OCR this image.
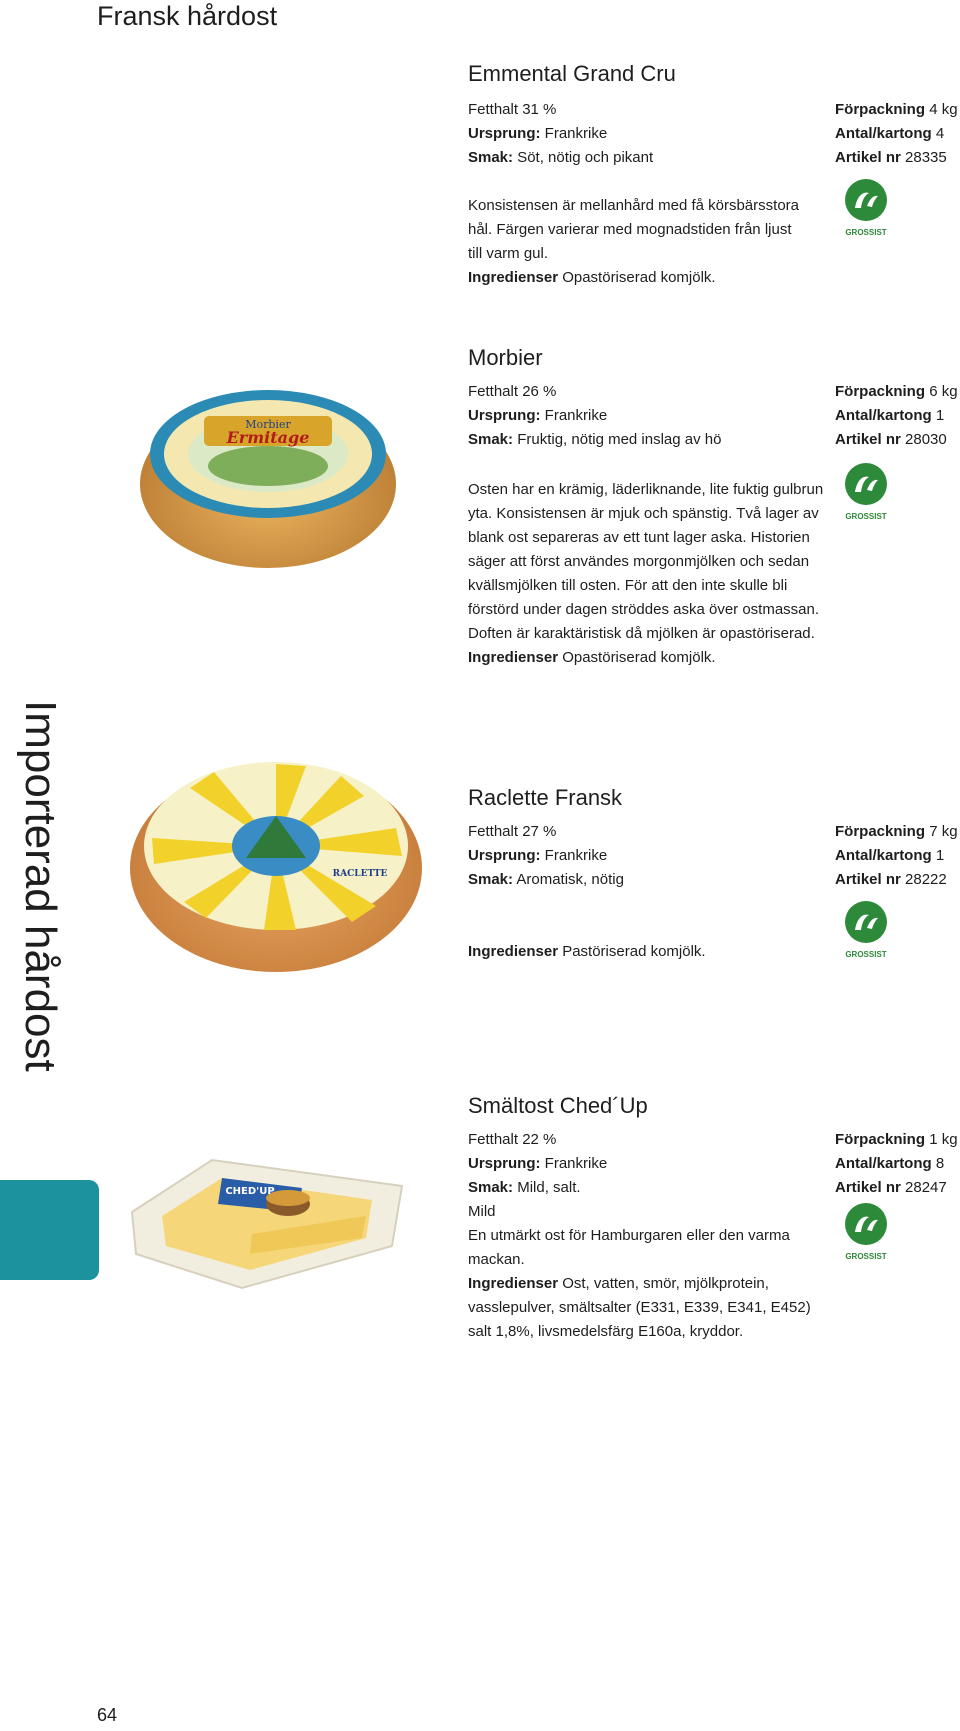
Fransk hårdost
Importerad hårdost
64
Emmental Grand Cru
Fetthalt 31 %
Ursprung: Frankrike
Smak: Söt, nötig och pikant
Förpackning 4 kg
Antal/kartong 4
Artikel nr 28335
Konsistensen är mellanhård med få körsbärsstora hål. Färgen varierar med mognadstiden från ljust till varm gul.
Ingredienser Opastöriserad komjölk.
GROSSIST
Morbier
Ermitage
Morbier
Fetthalt 26 %
Ursprung: Frankrike
Smak: Fruktig, nötig med inslag av hö
Förpackning 6 kg
Antal/kartong 1
Artikel nr 28030
Osten har en krämig, läderliknande, lite fuktig gulbrun yta. Konsistensen är mjuk och spänstig. Två lager av blank ost separeras av ett tunt lager aska. Historien säger att först användes morgonmjölken och sedan kvällsmjölken till osten. För att den inte skulle bli förstörd under dagen ströddes aska över ostmassan. Doften är karaktäristisk då mjölken är opastöriserad.
Ingredienser Opastöriserad komjölk.
GROSSIST
RACLETTE
Raclette Fransk
Fetthalt 27 %
Ursprung: Frankrike
Smak: Aromatisk, nötig
Förpackning 7 kg
Antal/kartong 1
Artikel nr 28222
Ingredienser Pastöriserad komjölk.	GROSSIST
CHED'UP
Smältost Ched´Up
Fetthalt 22 %
Ursprung: Frankrike
Smak: Mild, salt.
Förpackning 1 kg
Antal/kartong 8
Artikel nr 28247
Mild
En utmärkt ost för Hamburgaren eller den varma mackan.
Ingredienser Ost, vatten, smör, mjölkprotein, vasslepulver, smältsalter (E331, E339, E341, E452) salt 1,8%, livsmedelsfärg E160a, kryddor.
GROSSIST
